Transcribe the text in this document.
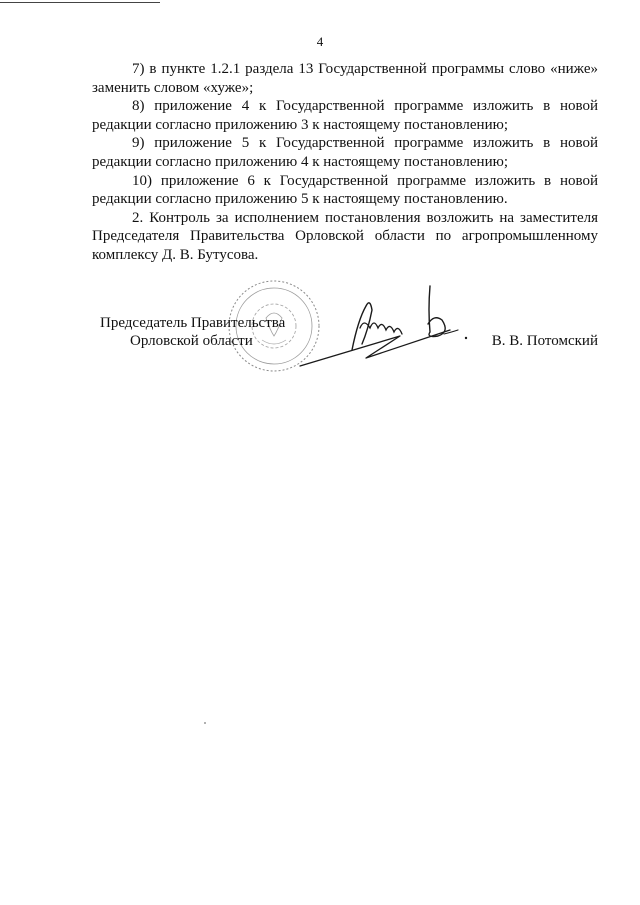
4

7) в пункте 1.2.1 раздела 13 Государственной программы слово «ниже» заменить словом «хуже»;

8) приложение 4 к Государственной программе изложить в новой редакции согласно приложению 3 к настоящему постановлению;

9) приложение 5 к Государственной программе изложить в новой редакции согласно приложению 4 к настоящему постановлению;

10) приложение 6 к Государственной программе изложить в новой редакции согласно приложению 5 к настоящему постановлению.

2. Контроль за исполнением постановления возложить на заместителя Председателя Правительства Орловской области по агропромышленному комплексу Д. В. Бутусова.

Председатель Правительства
Орловской области	В. В. Потомский
